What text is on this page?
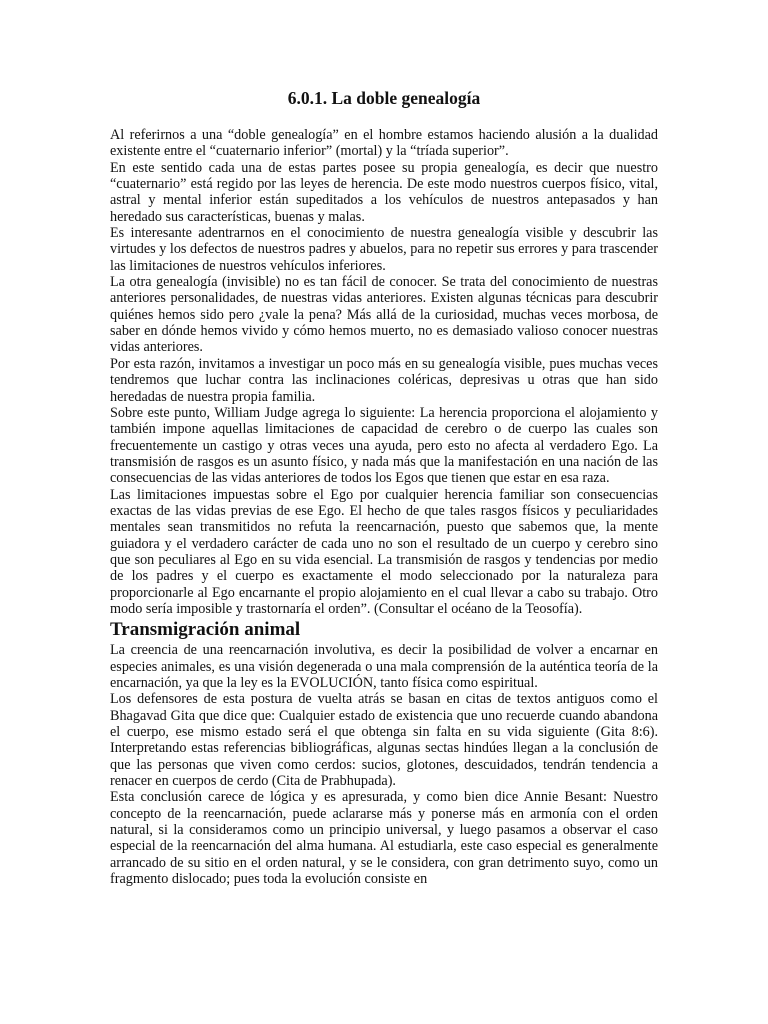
6.0.1. La doble genealogía

Al referirnos a una “doble genealogía” en el hombre estamos haciendo alusión a la dualidad existente entre el “cuaternario inferior” (mortal) y la “tríada superior”.

En este sentido cada una de estas partes posee su propia genealogía, es decir que nuestro “cuaternario” está regido por las leyes de herencia. De este modo nuestros cuerpos físico, vital, astral y mental inferior están supeditados a los vehículos de nuestros antepasados y han heredado sus características, buenas y malas.

Es interesante adentrarnos en el conocimiento de nuestra genealogía visible y descubrir las virtudes y los defectos de nuestros padres y abuelos, para no repetir sus errores y para trascender las limitaciones de nuestros vehículos inferiores.

La otra genealogía (invisible) no es tan fácil de conocer. Se trata del conocimiento de nuestras anteriores personalidades, de nuestras vidas anteriores. Existen algunas técnicas para descubrir quiénes hemos sido pero ¿vale la pena? Más allá de la curiosidad, muchas veces morbosa, de saber en dónde hemos vivido y cómo hemos muerto, no es demasiado valioso conocer nuestras vidas anteriores.

Por esta razón, invitamos a investigar un poco más en su genealogía visible, pues muchas veces tendremos que luchar contra las inclinaciones coléricas, depresivas u otras que han sido heredadas de nuestra propia familia.

Sobre este punto, William Judge agrega lo siguiente: La herencia proporciona el alojamiento y también impone aquellas limitaciones de capacidad de cerebro o de cuerpo las cuales son frecuentemente un castigo y otras veces una ayuda, pero esto no afecta al verdadero Ego. La transmisión de rasgos es un asunto físico, y nada más que la manifestación en una nación de las consecuencias de las vidas anteriores de todos los Egos que tienen que estar en esa raza.

Las limitaciones impuestas sobre el Ego por cualquier herencia familiar son consecuencias exactas de las vidas previas de ese Ego. El hecho de que tales rasgos físicos y peculiaridades mentales sean transmitidos no refuta la reencarnación, puesto que sabemos que, la mente guiadora y el verdadero carácter de cada uno no son el resultado de un cuerpo y cerebro sino que son peculiares al Ego en su vida esencial. La transmisión de rasgos y tendencias por medio de los padres y el cuerpo es exactamente el modo seleccionado por la naturaleza para proporcionarle al Ego encarnante el propio alojamiento en el cual llevar a cabo su trabajo. Otro modo sería imposible y trastornaría el orden”. (Consultar el océano de la Teosofía).

Transmigración animal

La creencia de una reencarnación involutiva, es decir la posibilidad de volver a encarnar en especies animales, es una visión degenerada o una mala comprensión de la auténtica teoría de la encarnación, ya que la ley es la EVOLUCIÓN, tanto física como espiritual.

Los defensores de esta postura de vuelta atrás se basan en citas de textos antiguos como el Bhagavad Gita que dice que: Cualquier estado de existencia que uno recuerde cuando abandona el cuerpo, ese mismo estado será el que obtenga sin falta en su vida siguiente (Gita 8:6). Interpretando estas referencias bibliográficas, algunas sectas hindúes llegan a la conclusión de que las personas que viven como cerdos: sucios, glotones, descuidados, tendrán tendencia a renacer en cuerpos de cerdo (Cita de Prabhupada).

Esta conclusión carece de lógica y es apresurada, y como bien dice Annie Besant: Nuestro concepto de la reencarnación, puede aclararse más y ponerse más en armonía con el orden natural, si la consideramos como un principio universal, y luego pasamos a observar el caso especial de la reencarnación del alma humana. Al estudiarla, este caso especial es generalmente arrancado de su sitio en el orden natural, y se le considera, con gran detrimento suyo, como un fragmento dislocado; pues toda la evolución consiste en
